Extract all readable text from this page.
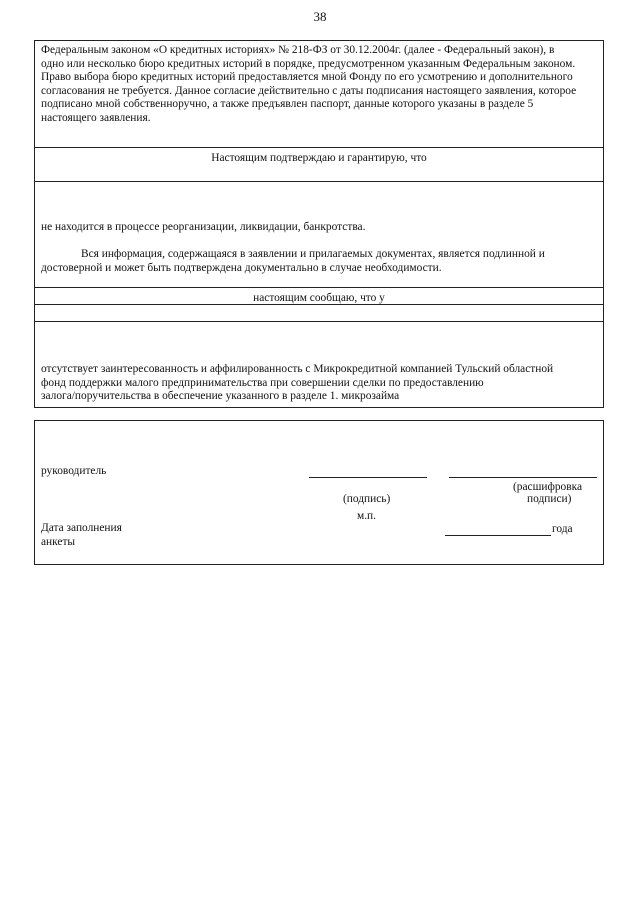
38
Федеральным законом «О кредитных историях» № 218-ФЗ от 30.12.2004г. (далее - Федеральный закон), в
одно или несколько бюро кредитных историй в порядке, предусмотренном указанным Федеральным законом.
Право выбора бюро кредитных историй предоставляется мной Фонду по его усмотрению и дополнительного
согласования не требуется. Данное согласие действительно с даты подписания настоящего заявления, которое
подписано мной собственноручно, а также предъявлен паспорт, данные которого указаны в разделе 5
настоящего заявления.
Настоящим подтверждаю и гарантирую, что
не находится в процессе реорганизации, ликвидации, банкротства.
Вся информация, содержащаяся в заявлении и прилагаемых документах, является подлинной и
достоверной и может быть подтверждена документально в случае необходимости.
настоящим сообщаю, что у
отсутствует заинтересованность и аффилированность с Микрокредитной компанией Тульский областной
фонд поддержки малого предпринимательства при совершении сделки по предоставлению
залога/поручительства в обеспечение указанного в разделе 1. микрозайма
руководитель
(расшифровка
(подпись)	подписи)
м.п.
Дата заполнения
анкеты
года
